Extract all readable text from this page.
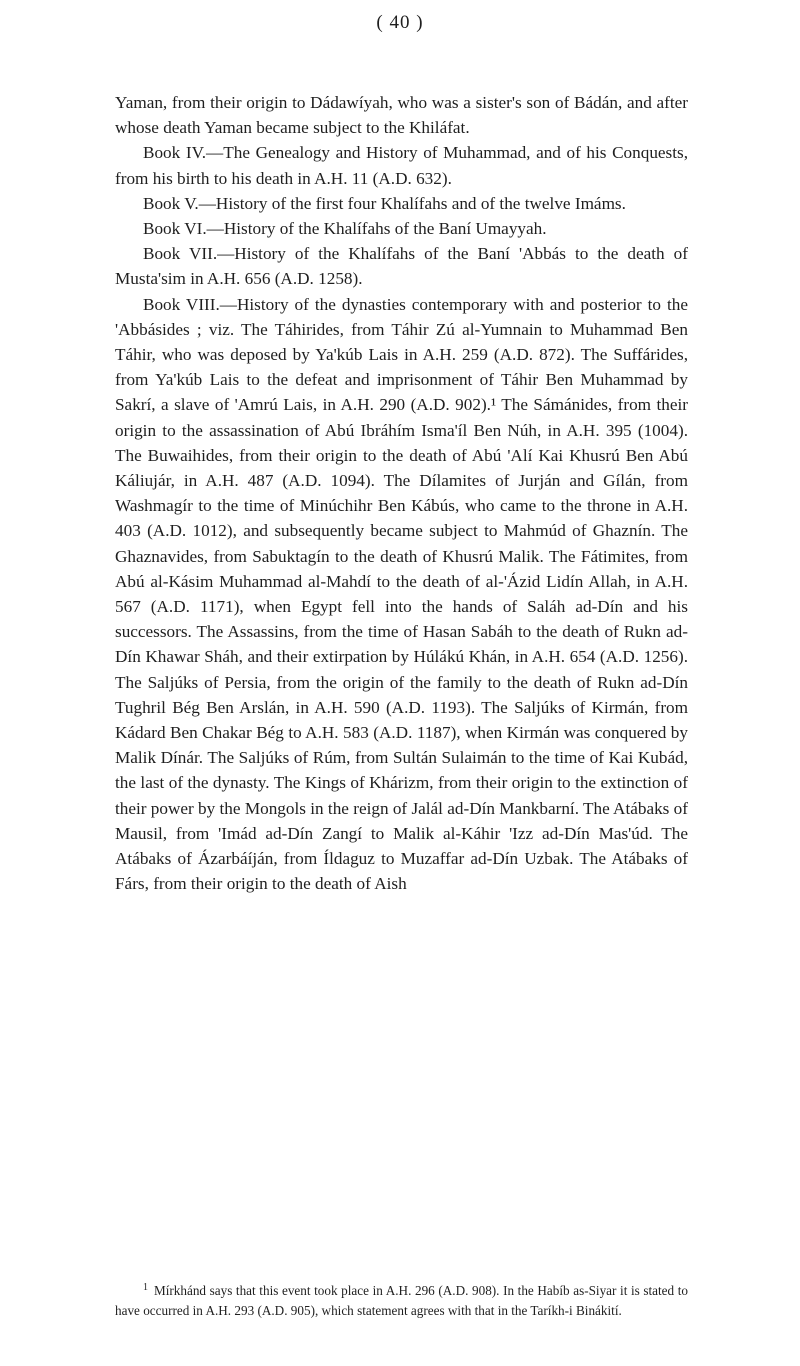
( 40 )

Yaman, from their origin to Dádawíyah, who was a sister's son of Bádán, and after whose death Yaman became subject to the Khiláfat.

Book IV.—The Genealogy and History of Muhammad, and of his Conquests, from his birth to his death in A.H. 11 (A.D. 632).

Book V.—History of the first four Khalífahs and of the twelve Imáms.

Book VI.—History of the Khalífahs of the Baní Umayyah.

Book VII.—History of the Khalífahs of the Baní 'Abbás to the death of Musta'sim in A.H. 656 (A.D. 1258).

Book VIII.—History of the dynasties contemporary with and posterior to the 'Abbásides ; viz. The Táhirides, from Táhir Zú al-Yumnain to Muhammad Ben Táhir, who was deposed by Ya'kúb Lais in A.H. 259 (A.D. 872). The Suffárides, from Ya'kúb Lais to the defeat and imprisonment of Táhir Ben Muhammad by Sakrí, a slave of 'Amrú Lais, in A.H. 290 (A.D. 902).¹ The Sámánides, from their origin to the assassination of Abú Ibráhím Isma'íl Ben Núh, in A.H. 395 (1004). The Buwaihides, from their origin to the death of Abú 'Alí Kai Khusrú Ben Abú Káliujár, in A.H. 487 (A.D. 1094). The Dílamites of Jurján and Gílán, from Washmagír to the time of Minúchihr Ben Kábús, who came to the throne in A.H. 403 (A.D. 1012), and subsequently became subject to Mahmúd of Ghaznín. The Ghaznavides, from Sabuktagín to the death of Khusrú Malik. The Fátimites, from Abú al-Kásim Muhammad al-Mahdí to the death of al-'Ázid Lidín Allah, in A.H. 567 (A.D. 1171), when Egypt fell into the hands of Saláh ad-Dín and his successors. The Assassins, from the time of Hasan Sabáh to the death of Rukn ad-Dín Khawar Sháh, and their extirpation by Húlákú Khán, in A.H. 654 (A.D. 1256). The Saljúks of Persia, from the origin of the family to the death of Rukn ad-Dín Tughril Bég Ben Arslán, in A.H. 590 (A.D. 1193). The Saljúks of Kirmán, from Kádard Ben Chakar Bég to A.H. 583 (A.D. 1187), when Kirmán was conquered by Malik Dínár. The Saljúks of Rúm, from Sultán Sulaimán to the time of Kai Kubád, the last of the dynasty. The Kings of Khárizm, from their origin to the extinction of their power by the Mongols in the reign of Jalál ad-Dín Mankbarní. The Atábaks of Mausil, from 'Imád ad-Dín Zangí to Malik al-Káhir 'Izz ad-Dín Mas'úd. The Atábaks of Ázarbáíján, from Íldaguz to Muzaffar ad-Dín Uzbak. The Atábaks of Fárs, from their origin to the death of Aish

$^1$ Mírkhánd says that this event took place in A.H. 296 (A.D. 908). In the Habíb as-Siyar it is stated to have occurred in A.H. 293 (A.D. 905), which statement agrees with that in the Taríkh-i Binákití.
